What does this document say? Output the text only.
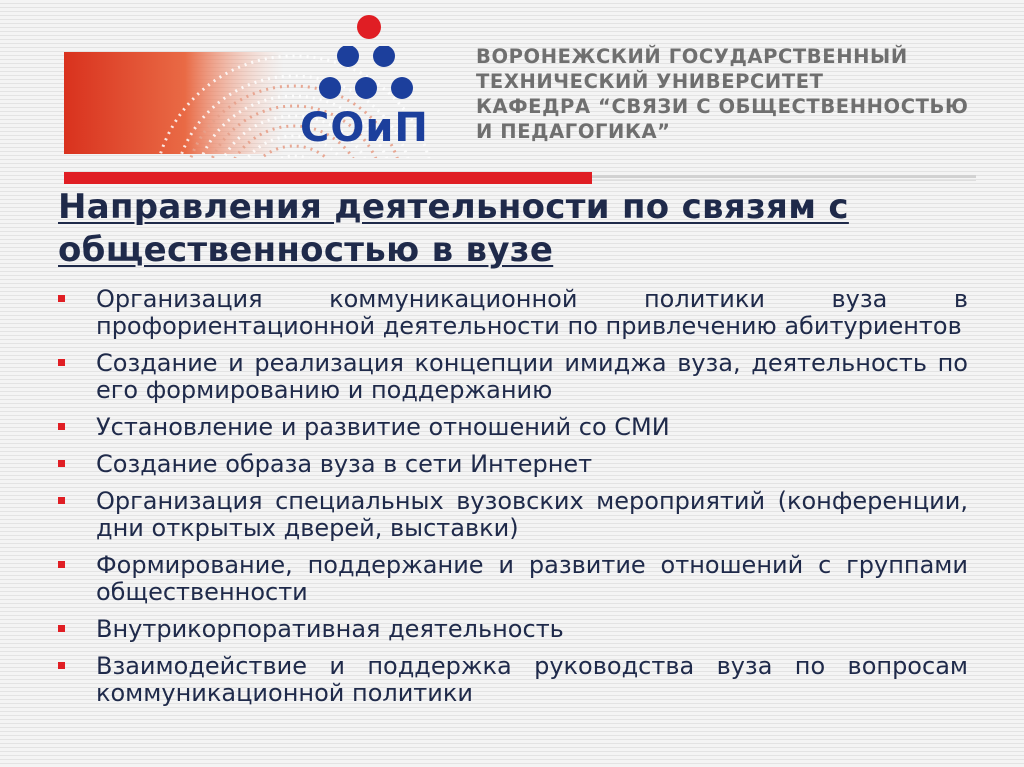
СОиП
ВОРОНЕЖСКИЙ ГОСУДАРСТВЕННЫЙ
ТЕХНИЧЕСКИЙ УНИВЕРСИТЕТ
КАФЕДРА “СВЯЗИ С ОБЩЕСТВЕННОСТЬЮ
И ПЕДАГОГИКА”
Направления деятельности по связям с общественностью в вузе
Организация коммуникационной политики вуза в профориентационной деятельности по привлечению абитуриентов
Создание и реализация концепции имиджа вуза, деятельность по его формированию и поддержанию
Установление и развитие отношений со СМИ
Создание образа вуза в сети Интернет
Организация специальных вузовских мероприятий (конференции, дни открытых дверей, выставки)
Формирование, поддержание и развитие отношений с группами общественности
Внутрикорпоративная деятельность
Взаимодействие и поддержка руководства вуза по вопросам коммуникационной политики
